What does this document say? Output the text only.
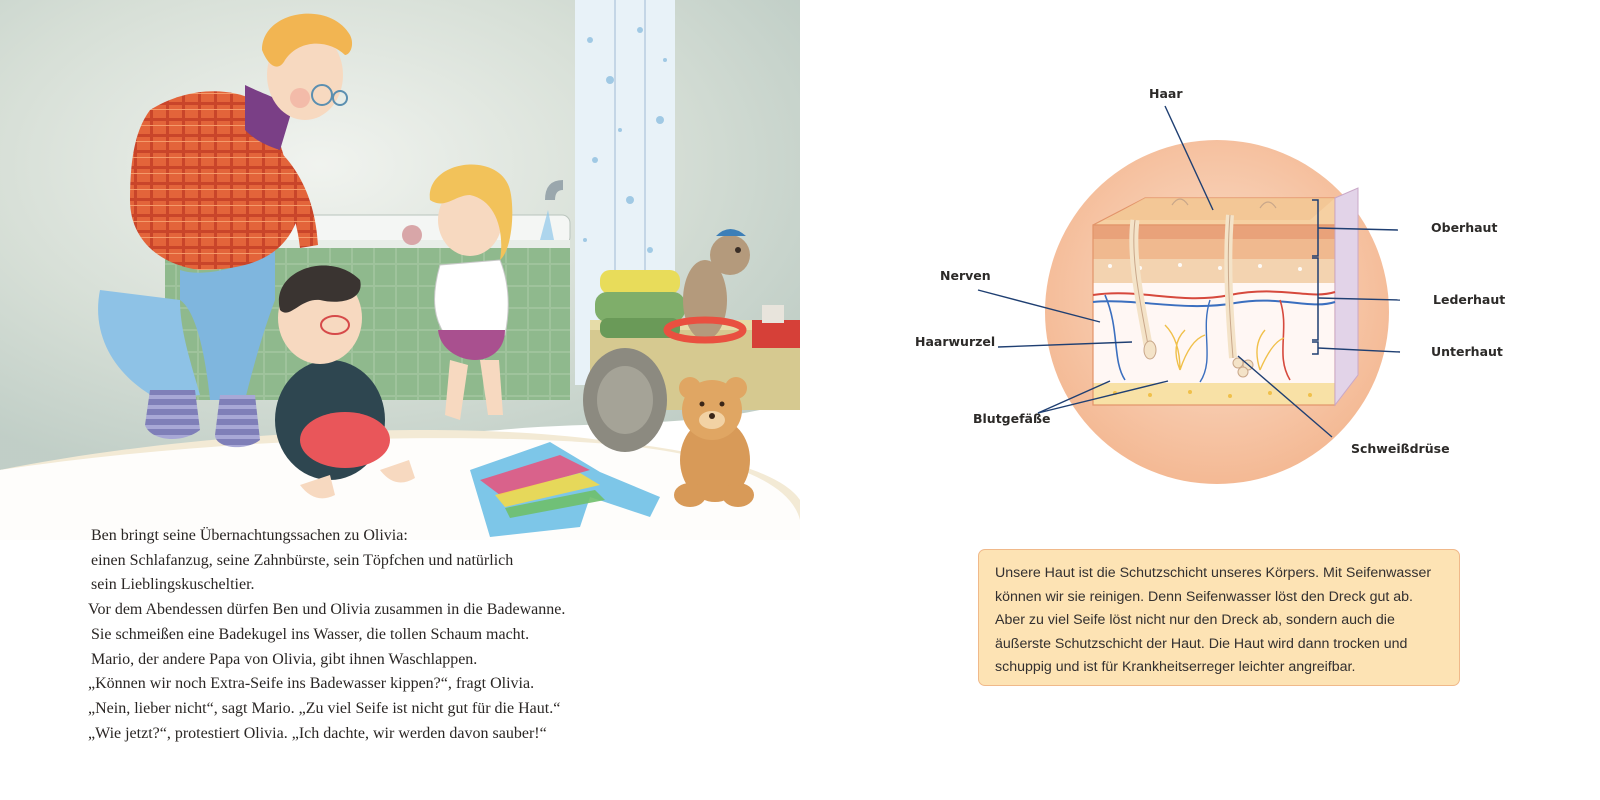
Ben bringt seine Übernachtungssachen zu Olivia:

einen Schlafanzug, seine Zahnbürste, sein Töpfchen und natürlich

sein Lieblingskuscheltier.

Vor dem Abendessen dürfen Ben und Olivia zusammen in die Badewanne.

Sie schmeißen eine Badekugel ins Wasser, die tollen Schaum macht.

Mario, der andere Papa von Olivia, gibt ihnen Waschlappen.

„Können wir noch Extra-Seife ins Badewasser kippen?“, fragt Olivia.

„Nein, lieber nicht“, sagt Mario. „Zu viel Seife ist nicht gut für die Haut.“

„Wie jetzt?“, protestiert Olivia. „Ich dachte, wir werden davon sauber!“

Haar
Nerven
Haarwurzel
Blutgefäße
Oberhaut
Lederhaut
Unterhaut
Schweißdrüse

Unsere Haut ist die Schutzschicht unseres Körpers. Mit Seifenwasser

können wir sie reinigen. Denn Seifenwasser löst den Dreck gut ab.

Aber zu viel Seife löst nicht nur den Dreck ab, sondern auch die

äußerste Schutzschicht der Haut. Die Haut wird dann trocken und

schuppig und ist für Krankheitserreger leichter angreifbar.
